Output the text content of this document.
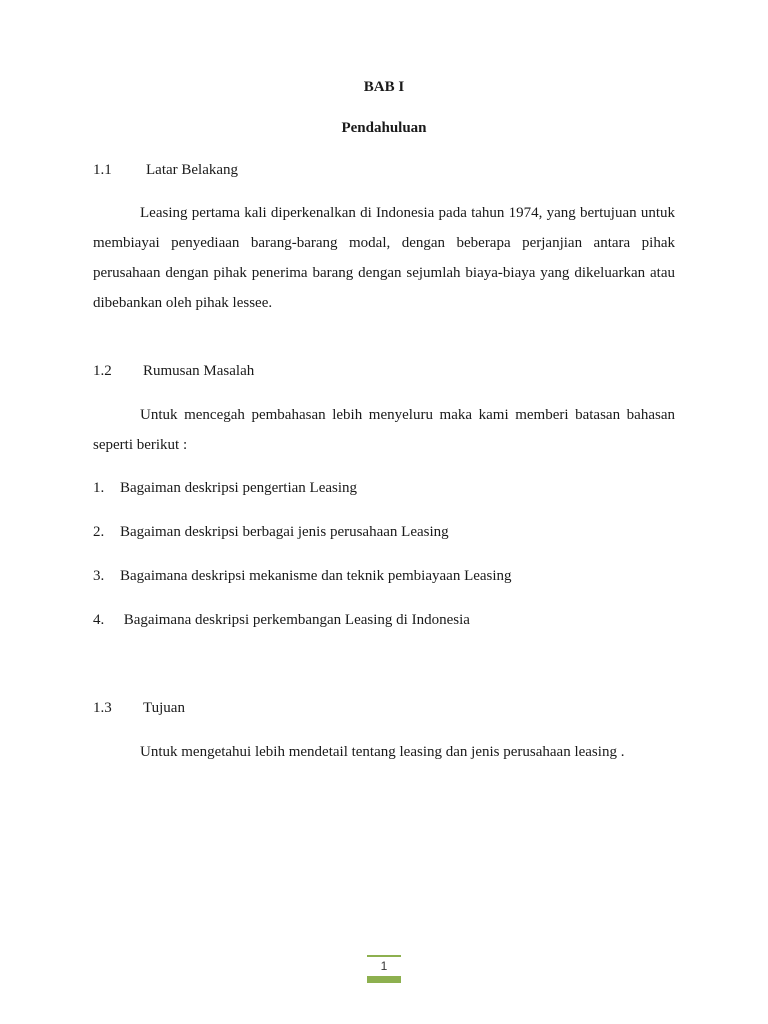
BAB I
Pendahuluan
1.1 Latar Belakang

Leasing pertama kali diperkenalkan di Indonesia pada tahun 1974, yang bertujuan untuk membiayai penyediaan barang-barang modal, dengan beberapa perjanjian antara pihak perusahaan dengan pihak penerima barang dengan sejumlah biaya-biaya yang dikeluarkan atau dibebankan oleh pihak lessee.

1.2 Rumusan Masalah

Untuk mencegah pembahasan lebih menyeluru maka kami memberi batasan bahasan seperti berikut :

1. Bagaiman deskripsi pengertian Leasing
2. Bagaiman deskripsi berbagai jenis perusahaan Leasing
3. Bagaimana deskripsi mekanisme dan teknik pembiayaan Leasing
4. Bagaimana deskripsi perkembangan Leasing di Indonesia
1.3 Tujuan

Untuk mengetahui lebih mendetail tentang leasing dan jenis perusahaan leasing .

1
